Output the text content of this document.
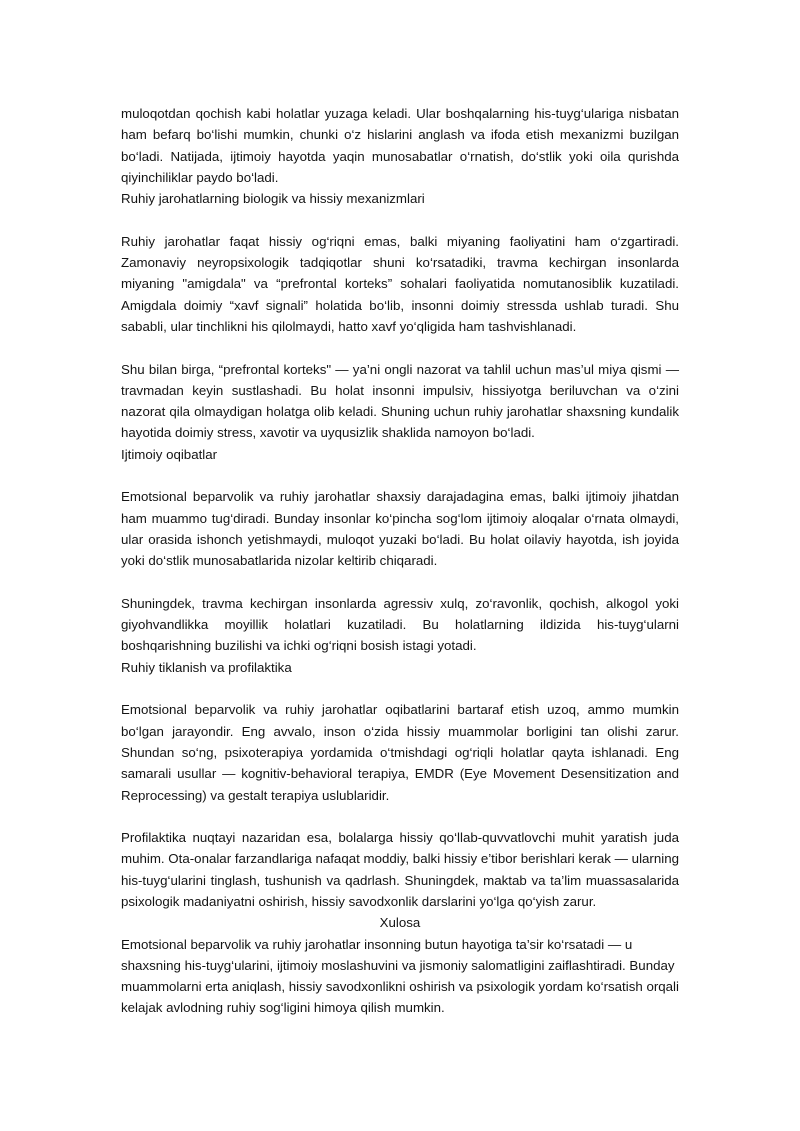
muloqotdan qochish kabi holatlar yuzaga keladi. Ular boshqalarning his-tuyg‘ulariga nisbatan ham befarq bo‘lishi mumkin, chunki o‘z hislarini anglash va ifoda etish mexanizmi buzilgan bo‘ladi. Natijada, ijtimoiy hayotda yaqin munosabatlar o‘rnatish, do‘stlik yoki oila qurishda qiyinchiliklar paydo bo‘ladi.

Ruhiy jarohatlarning biologik va hissiy mexanizmlari

Ruhiy jarohatlar faqat hissiy og‘riqni emas, balki miyaning faoliyatini ham o‘zgartiradi. Zamonaviy neyropsixologik tadqiqotlar shuni ko‘rsatadiki, travma kechirgan insonlarda miyaning "amigdala" va “prefrontal korteks” sohalari faoliyatida nomutanosiblik kuzatiladi. Amigdala doimiy “xavf signali” holatida bo‘lib, insonni doimiy stressda ushlab turadi. Shu sababli, ular tinchlikni his qilolmaydi, hatto xavf yo‘qligida ham tashvishlanadi.

Shu bilan birga, “prefrontal korteks" — ya’ni ongli nazorat va tahlil uchun mas’ul miya qismi — travmadan keyin sustlashadi. Bu holat insonni impulsiv, hissiyotga beriluvchan va o‘zini nazorat qila olmaydigan holatga olib keladi. Shuning uchun ruhiy jarohatlar shaxsning kundalik hayotida doimiy stress, xavotir va uyqusizlik shaklida namoyon bo‘ladi.

Ijtimoiy oqibatlar

Emotsional beparvolik va ruhiy jarohatlar shaxsiy darajadagina emas, balki ijtimoiy jihatdan ham muammo tug‘diradi. Bunday insonlar ko‘pincha sog‘lom ijtimoiy aloqalar o‘rnata olmaydi, ular orasida ishonch yetishmaydi, muloqot yuzaki bo‘ladi. Bu holat oilaviy hayotda, ish joyida yoki do‘stlik munosabatlarida nizolar keltirib chiqaradi.

Shuningdek, travma kechirgan insonlarda agressiv xulq, zo‘ravonlik, qochish, alkogol yoki giyohvandlikka moyillik holatlari kuzatiladi. Bu holatlarning ildizida his-tuyg‘ularni boshqarishning buzilishi va ichki og‘riqni bosish istagi yotadi.

Ruhiy tiklanish va profilaktika

Emotsional beparvolik va ruhiy jarohatlar oqibatlarini bartaraf etish uzoq, ammo mumkin bo‘lgan jarayondir. Eng avvalo, inson o‘zida hissiy muammolar borligini tan olishi zarur. Shundan so‘ng, psixoterapiya yordamida o‘tmishdagi og‘riqli holatlar qayta ishlanadi. Eng samarali usullar — kognitiv-behavioral terapiya, EMDR (Eye Movement Desensitization and Reprocessing) va gestalt terapiya uslublaridir.

Profilaktika nuqtayi nazaridan esa, bolalarga hissiy qo‘llab-quvvatlovchi muhit yaratish juda muhim. Ota-onalar farzandlariga nafaqat moddiy, balki hissiy e’tibor berishlari kerak — ularning his-tuyg‘ularini tinglash, tushunish va qadrlash. Shuningdek, maktab va ta’lim muassasalarida psixologik madaniyatni oshirish, hissiy savodxonlik darslarini yo‘lga qo‘yish zarur.

Xulosa

Emotsional beparvolik va ruhiy jarohatlar insonning butun hayotiga ta’sir ko‘rsatadi — u shaxsning his-tuyg‘ularini, ijtimoiy moslashuvini va jismoniy salomatligini zaiflashtiradi. Bunday muammolarni erta aniqlash, hissiy savodxonlikni oshirish va psixologik yordam ko‘rsatish orqali kelajak avlodning ruhiy sog‘ligini himoya qilish mumkin.
